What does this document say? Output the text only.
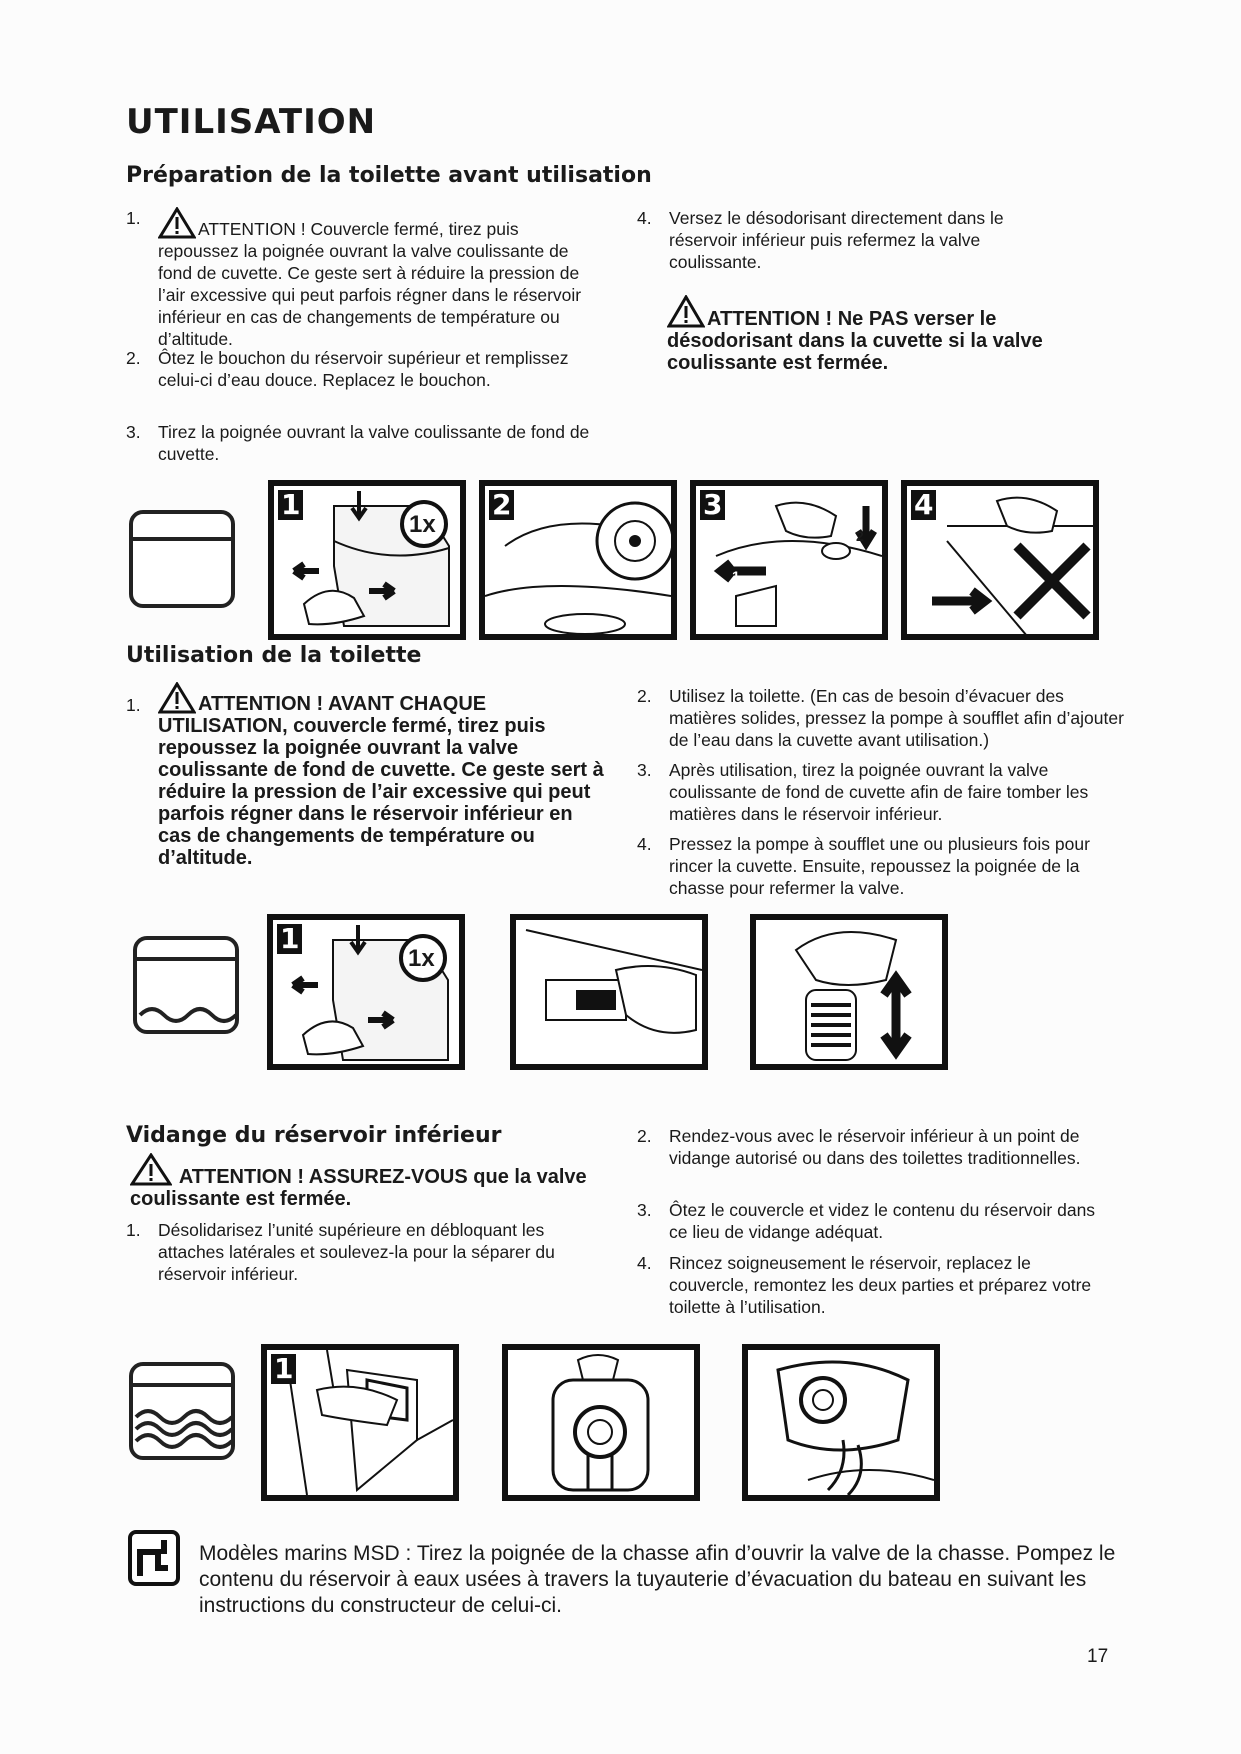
UTILISATION
Préparation de la toilette avant utilisation
1.
ATTENTION ! Couvercle fermé, tirez puis repoussez la poignée ouvrant la valve coulissante de fond de cuvette. Ce geste sert à réduire la pression de l’air excessive qui peut parfois régner dans le réservoir inférieur en cas de changements de température ou d’altitude.
2. Ôtez le bouchon du réservoir supérieur et remplissez celui-ci d’eau douce. Replacez le bouchon.
3. Tirez la poignée ouvrant la valve coulissante de fond de cuvette.
4. Versez le désodorisant directement dans le réservoir inférieur puis refermez la valve coulissante.
ATTENTION ! Ne PAS verser le désodorisant dans la cuvette si la valve coulissante est fermée.
1
1x
2	3
2
1
4
Utilisation de la toilette
1.	ATTENTION ! AVANT CHAQUE UTILISATION, couvercle fermé, tirez puis repoussez la poignée ouvrant la valve coulissante de fond de cuvette. Ce geste sert à réduire la pression de l’air excessive qui peut parfois régner dans le réservoir inférieur en cas de changements de température ou d’altitude.
2. Utilisez la toilette. (En cas de besoin d’évacuer des matières solides, pressez la pompe à soufflet afin d’ajouter de l’eau dans la cuvette avant utilisation.)
3. Après utilisation, tirez la poignée ouvrant la valve coulissante de fond de cuvette afin de faire tomber les matières dans le réservoir inférieur.
4. Pressez la pompe à soufflet une ou plusieurs fois pour rincer la cuvette. Ensuite, repoussez la poignée de la chasse pour refermer la valve.
1
1x
Vidange du réservoir inférieur
ATTENTION ! ASSUREZ-VOUS que la valve coulissante est fermée.
1. Désolidarisez l’unité supérieure en débloquant les attaches latérales et soulevez-la pour la séparer du réservoir inférieur.
2. Rendez-vous avec le réservoir inférieur à un point de vidange autorisé ou dans des toilettes traditionnelles.
3. Ôtez le couvercle et videz le contenu du réservoir dans ce lieu de vidange adéquat.
4. Rincez soigneusement le réservoir, replacez le couvercle, remontez les deux parties et préparez votre toilette à l’utilisation.
1
Modèles marins MSD : Tirez la poignée de la chasse afin d’ouvrir la valve de la chasse. Pompez le contenu du réservoir à eaux usées à travers la tuyauterie d’évacuation du bateau en suivant les instructions du constructeur de celui-ci.
17
